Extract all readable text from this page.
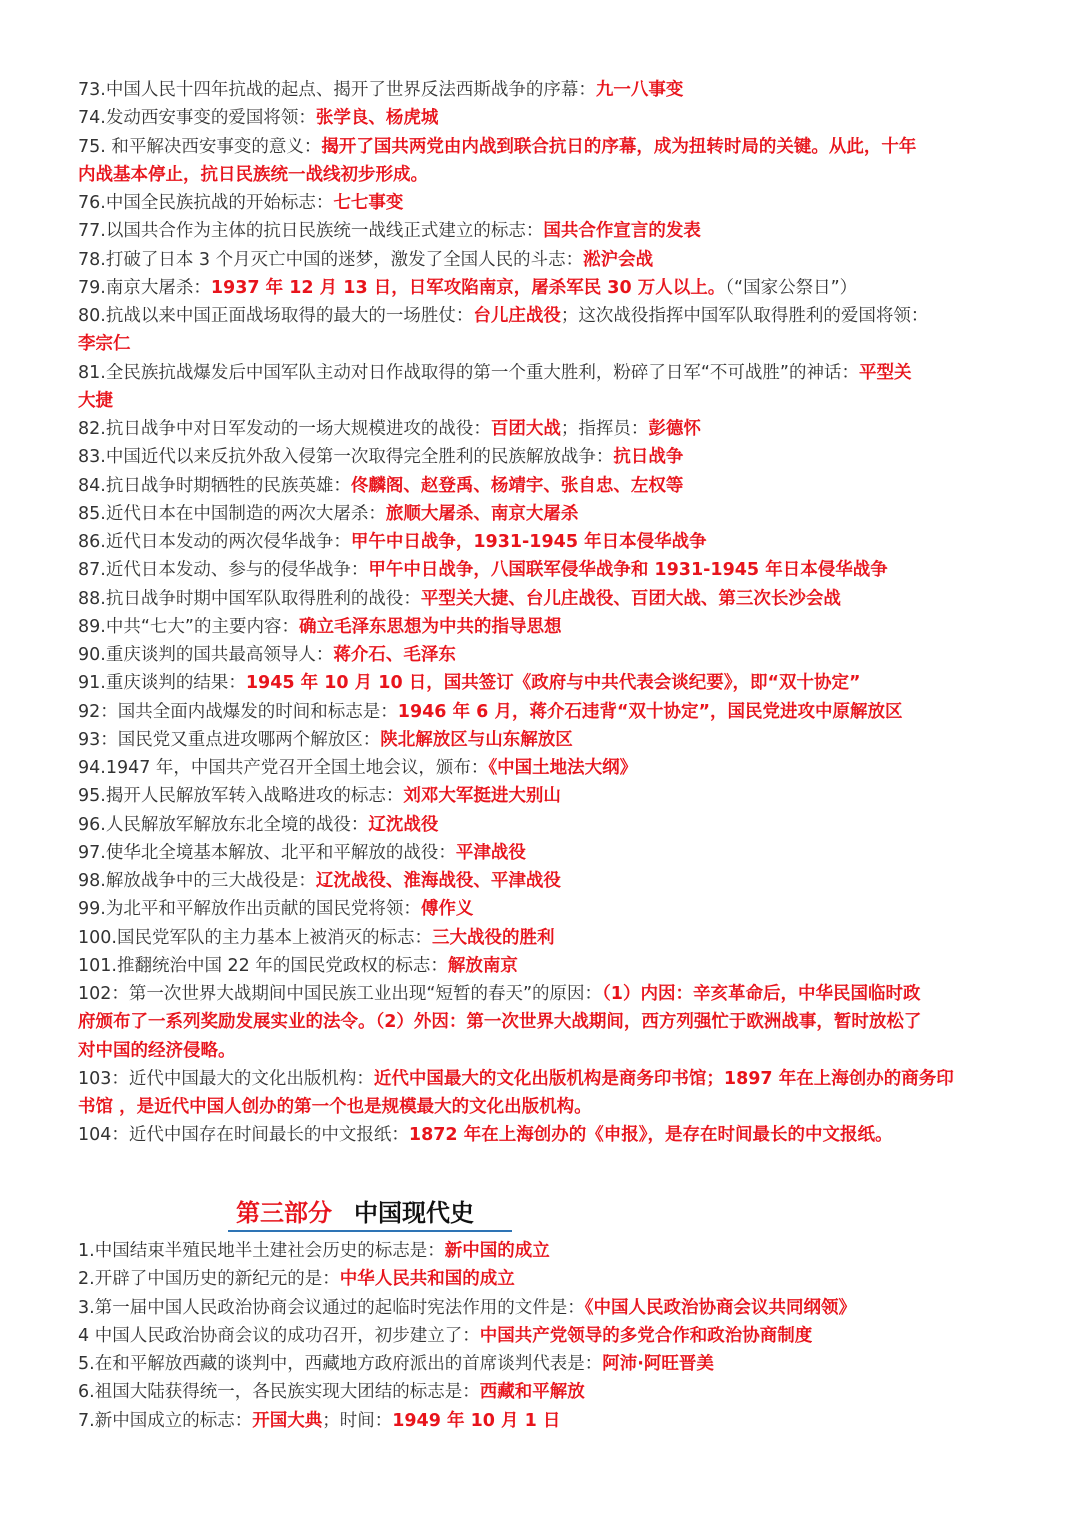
73.中国人民十四年抗战的起点、揭开了世界反法西斯战争的序幕：九一八事变
74.发动西安事变的爱国将领：张学良、杨虎城
75. 和平解决西安事变的意义：揭开了国共两党由内战到联合抗日的序幕，成为扭转时局的关键。从此，十年
内战基本停止，抗日民族统一战线初步形成。
76.中国全民族抗战的开始标志：七七事变
77.以国共合作为主体的抗日民族统一战线正式建立的标志：国共合作宣言的发表
78.打破了日本 3 个月灭亡中国的迷梦，激发了全国人民的斗志：淞沪会战
79.南京大屠杀：1937 年 12 月 13 日，日军攻陷南京，屠杀军民 30 万人以上。（“国家公祭日”）
80.抗战以来中国正面战场取得的最大的一场胜仗：台儿庄战役；这次战役指挥中国军队取得胜利的爱国将领：
李宗仁
81.全民族抗战爆发后中国军队主动对日作战取得的第一个重大胜利，粉碎了日军“不可战胜”的神话：平型关
大捷
82.抗日战争中对日军发动的一场大规模进攻的战役：百团大战；指挥员：彭德怀
83.中国近代以来反抗外敌入侵第一次取得完全胜利的民族解放战争：抗日战争
84.抗日战争时期牺牲的民族英雄：佟麟阁、赵登禹、杨靖宇、张自忠、左权等
85.近代日本在中国制造的两次大屠杀：旅顺大屠杀、南京大屠杀
86.近代日本发动的两次侵华战争：甲午中日战争，1931-1945 年日本侵华战争
87.近代日本发动、参与的侵华战争：甲午中日战争，八国联军侵华战争和 1931-1945 年日本侵华战争
88.抗日战争时期中国军队取得胜利的战役：平型关大捷、台儿庄战役、百团大战、第三次长沙会战
89.中共“七大”的主要内容：确立毛泽东思想为中共的指导思想
90.重庆谈判的国共最高领导人：蒋介石、毛泽东
91.重庆谈判的结果：1945 年 10 月 10 日，国共签订《政府与中共代表会谈纪要》，即“双十协定”
92：国共全面内战爆发的时间和标志是：1946 年 6 月，蒋介石违背“双十协定”，国民党进攻中原解放区
93：国民党又重点进攻哪两个解放区：陕北解放区与山东解放区
94.1947 年，中国共产党召开全国土地会议，颁布：《中国土地法大纲》
95.揭开人民解放军转入战略进攻的标志：刘邓大军挺进大别山
96.人民解放军解放东北全境的战役：辽沈战役
97.使华北全境基本解放、北平和平解放的战役：平津战役
98.解放战争中的三大战役是：辽沈战役、淮海战役、平津战役
99.为北平和平解放作出贡献的国民党将领：傅作义
100.国民党军队的主力基本上被消灭的标志：三大战役的胜利
101.推翻统治中国 22 年的国民党政权的标志：解放南京
102：第一次世界大战期间中国民族工业出现“短暂的春天”的原因：（1）内因：辛亥革命后，中华民国临时政
府颁布了一系列奖励发展实业的法令。（2）外因：第一次世界大战期间，西方列强忙于欧洲战事，暂时放松了
对中国的经济侵略。
103：近代中国最大的文化出版机构：近代中国最大的文化出版机构是商务印书馆；1897 年在上海创办的商务印
书馆 ，是近代中国人创办的第一个也是规模最大的文化出版机构。
104：近代中国存在时间最长的中文报纸：1872 年在上海创办的《申报》，是存在时间最长的中文报纸。
第三部分 中国现代史
1.中国结束半殖民地半土建社会历史的标志是：新中国的成立
2.开辟了中国历史的新纪元的是：中华人民共和国的成立
3.第一届中国人民政治协商会议通过的起临时宪法作用的文件是：《中国人民政治协商会议共同纲领》
4 中国人民政治协商会议的成功召开，初步建立了：中国共产党领导的多党合作和政治协商制度
5.在和平解放西藏的谈判中，西藏地方政府派出的首席谈判代表是：阿沛·阿旺晋美
6.祖国大陆获得统一，各民族实现大团结的标志是：西藏和平解放
7.新中国成立的标志：开国大典；时间：1949 年 10 月 1 日
